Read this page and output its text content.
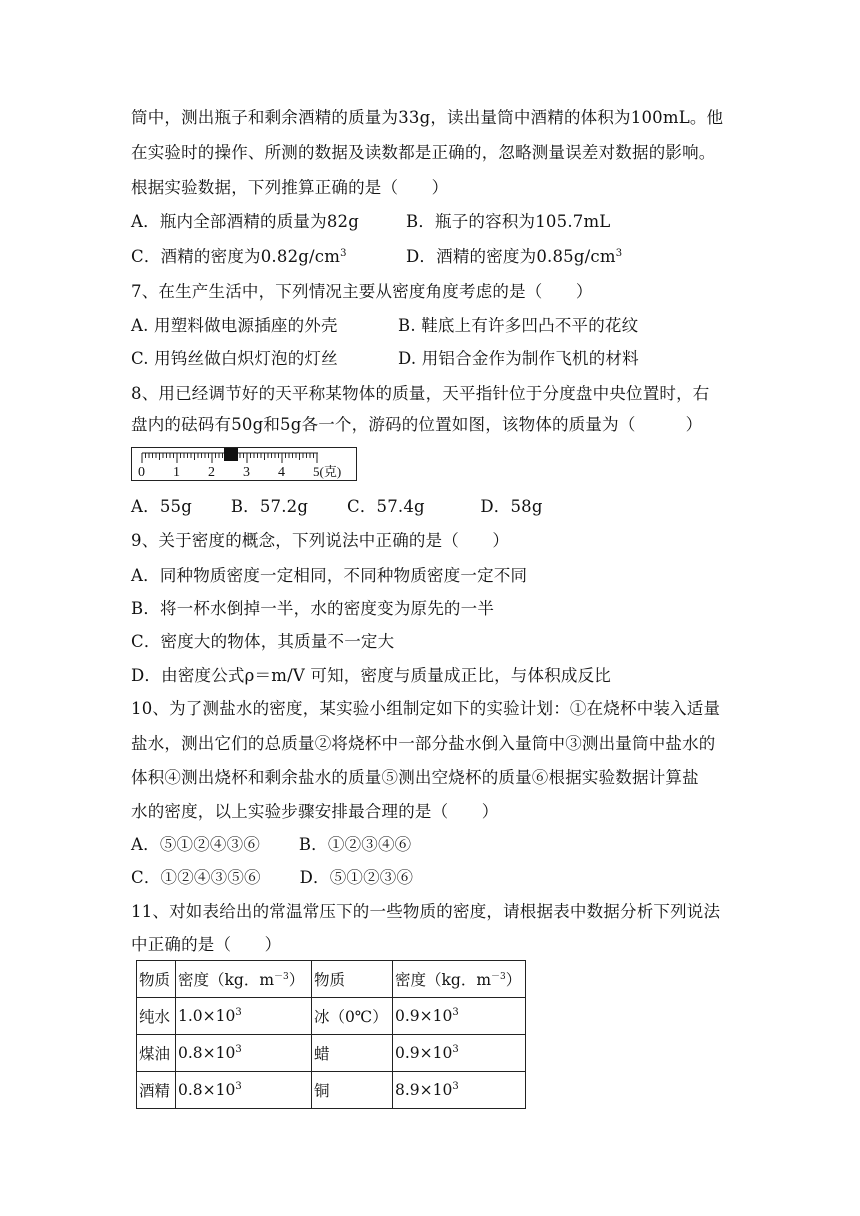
筒中，测出瓶子和剩余酒精的质量为33g，读出量筒中酒精的体积为100mL。他
在实验时的操作、所测的数据及读数都是正确的，忽略测量误差对数据的影响。
根据实验数据，下列推算正确的是（　　）
A．瓶内全部酒精的质量为82g	B．瓶子的容积为105.7mL
C．酒精的密度为$0.82g/cm^3$	D．酒精的密度为$0.85g/cm^3$
7、在生产生活中，下列情况主要从密度角度考虑的是（　　）
A. 用塑料做电源插座的外壳	B. 鞋底上有许多凹凸不平的花纹
C. 用钨丝做白炽灯泡的灯丝	D. 用铝合金作为制作飞机的材料
8、用已经调节好的天平称某物体的质量，天平指针位于分度盘中央位置时，右
盘内的砝码有50g和5g各一个，游码的位置如图，该物体的质量为（　　　）
0 1 2 3 4 5(克)
A．55g　　 B．57.2g　　 C．57.4g　　　 D．58g
9、关于密度的概念，下列说法中正确的是（　　）
A．同种物质密度一定相同，不同种物质密度一定不同
B．将一杯水倒掉一半，水的密度变为原先的一半
C．密度大的物体，其质量不一定大
D．由密度公式ρ＝m/V 可知，密度与质量成正比，与体积成反比
10、为了测盐水的密度，某实验小组制定如下的实验计划：①在烧杯中装入适量
盐水，测出它们的总质量②将烧杯中一部分盐水倒入量筒中③测出量筒中盐水的
体积④测出烧杯和剩余盐水的质量⑤测出空烧杯的质量⑥根据实验数据计算盐
水的密度，以上实验步骤安排最合理的是（　　）
A．⑤①②④③⑥　　 B．①②③④⑥
C．①②④③⑤⑥　　 D．⑤①②③⑥
11、对如表给出的常温常压下的一些物质的密度，请根据表中数据分析下列说法
中正确的是（　　）
物质	密度（kg．$m^{-3}$）	物质	密度（kg．$m^{-3}$）
纯水	$1.0\times 10^3$	冰（0℃）	$0.9\times 10^3$
煤油	$0.8\times 10^3$	蜡	$0.9\times 10^3$
酒精	$0.8\times 10^3$	铜	$8.9\times 10^3$
